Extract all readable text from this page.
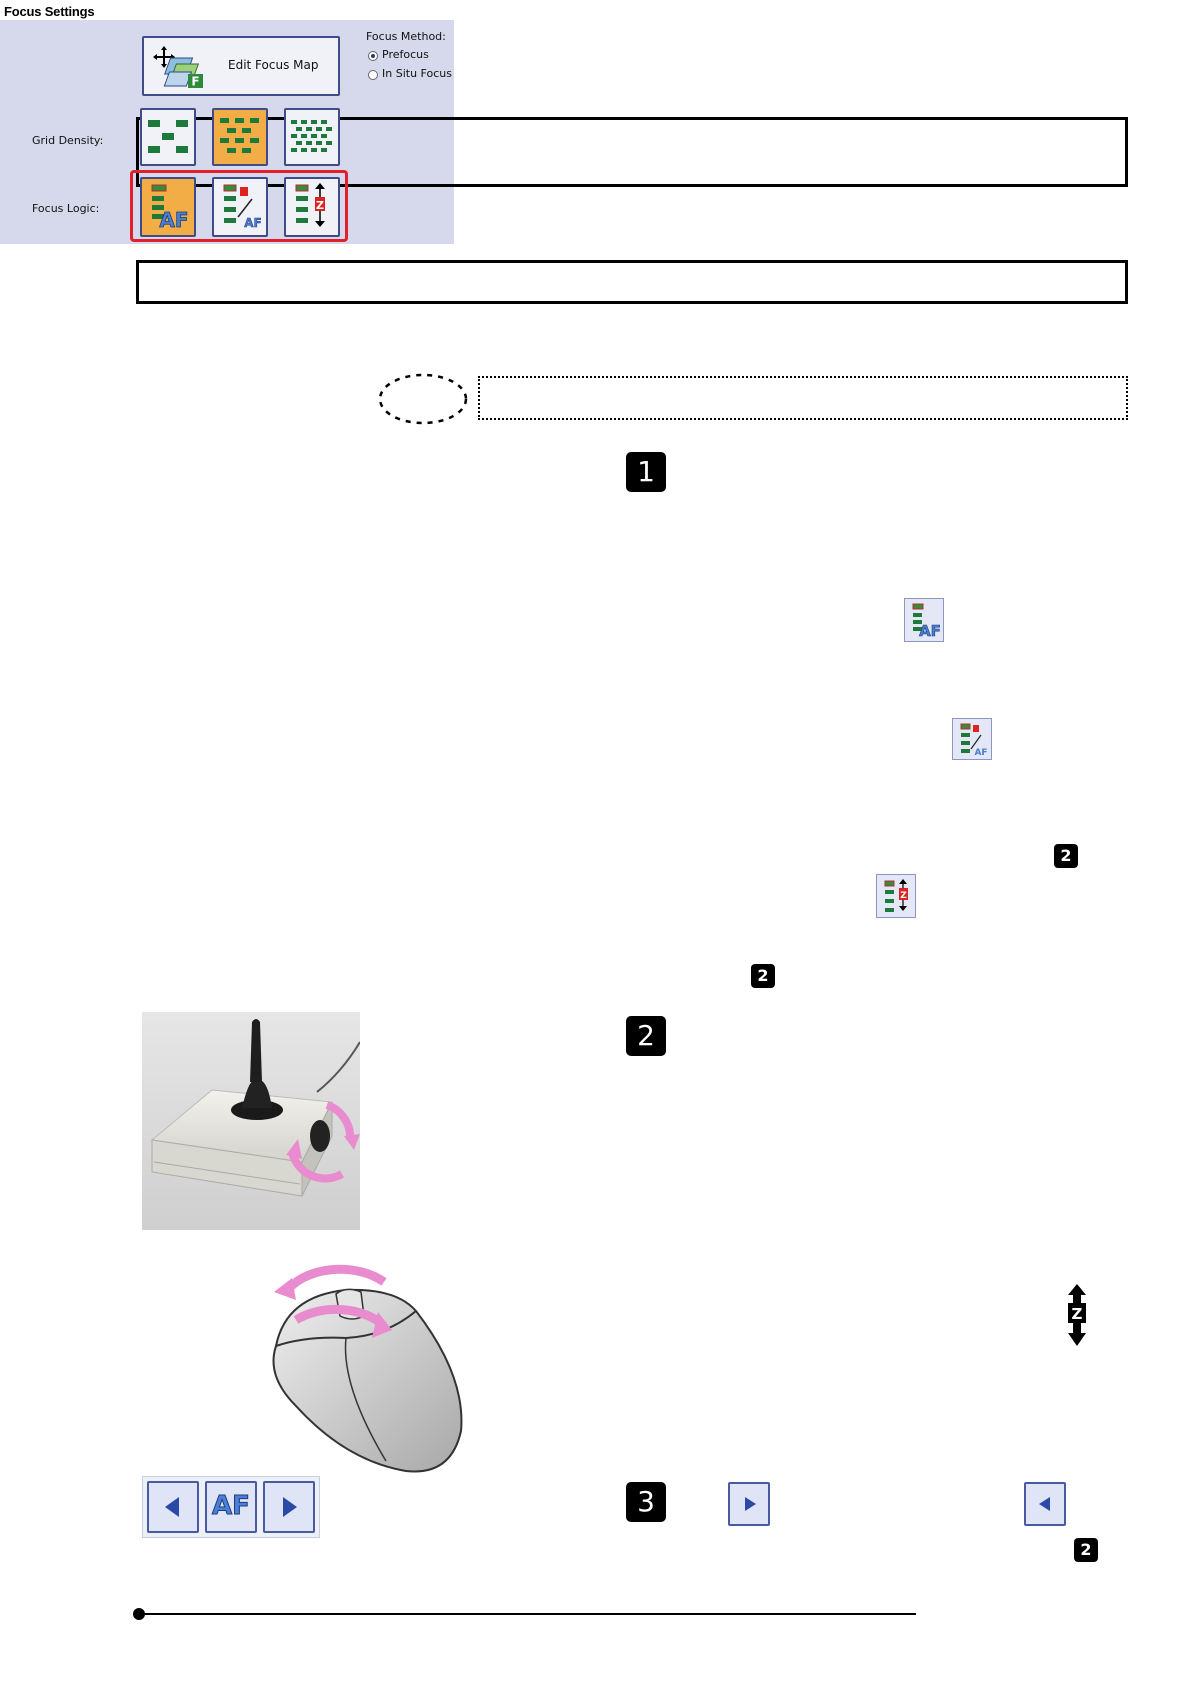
Focus Settings
F
Edit Focus Map
Focus Method:
Prefocus
In Situ Focus
Grid Density:
Focus Logic:	AF	AF
Z
1
2
3
AF
AF
2
Z
2
Z
AF
2
